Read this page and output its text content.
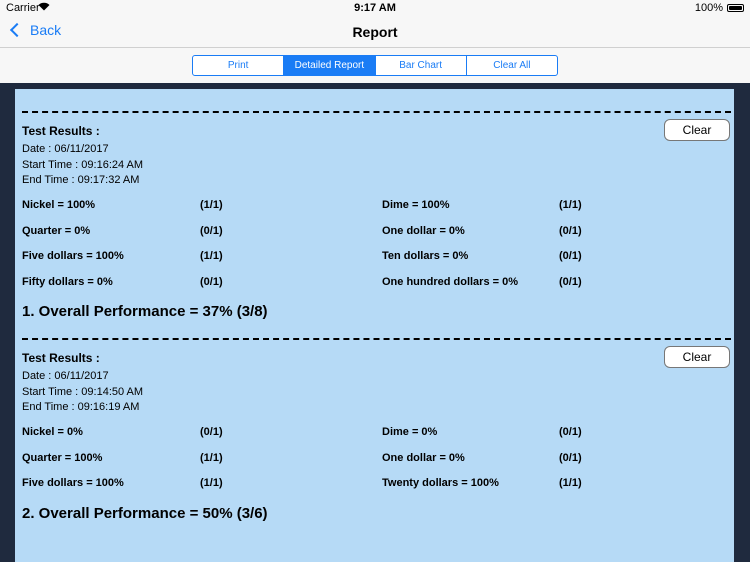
Carrier	9:17 AM	100%
Back	Report
Print	Detailed Report	Bar Chart	Clear All
Test Results :
Date : 06/11/2017
Start Time : 09:16:24 AM
End Time : 09:17:32 AM
Clear
Nickel = 100%	(1/1)	Dime = 100%	(1/1)
Quarter = 0%	(0/1)	One dollar = 0%	(0/1)
Five dollars = 100%	(1/1)	Ten dollars = 0%	(0/1)
Fifty dollars = 0%	(0/1)	One hundred dollars = 0%	(0/1)
1. Overall Performance = 37% (3/8)
Test Results :
Date : 06/11/2017
Start Time : 09:14:50 AM
End Time : 09:16:19 AM
Clear
Nickel = 0%	(0/1)	Dime = 0%	(0/1)
Quarter = 100%	(1/1)	One dollar = 0%	(0/1)
Five dollars = 100%	(1/1)	Twenty dollars = 100%	(1/1)
2. Overall Performance = 50% (3/6)
